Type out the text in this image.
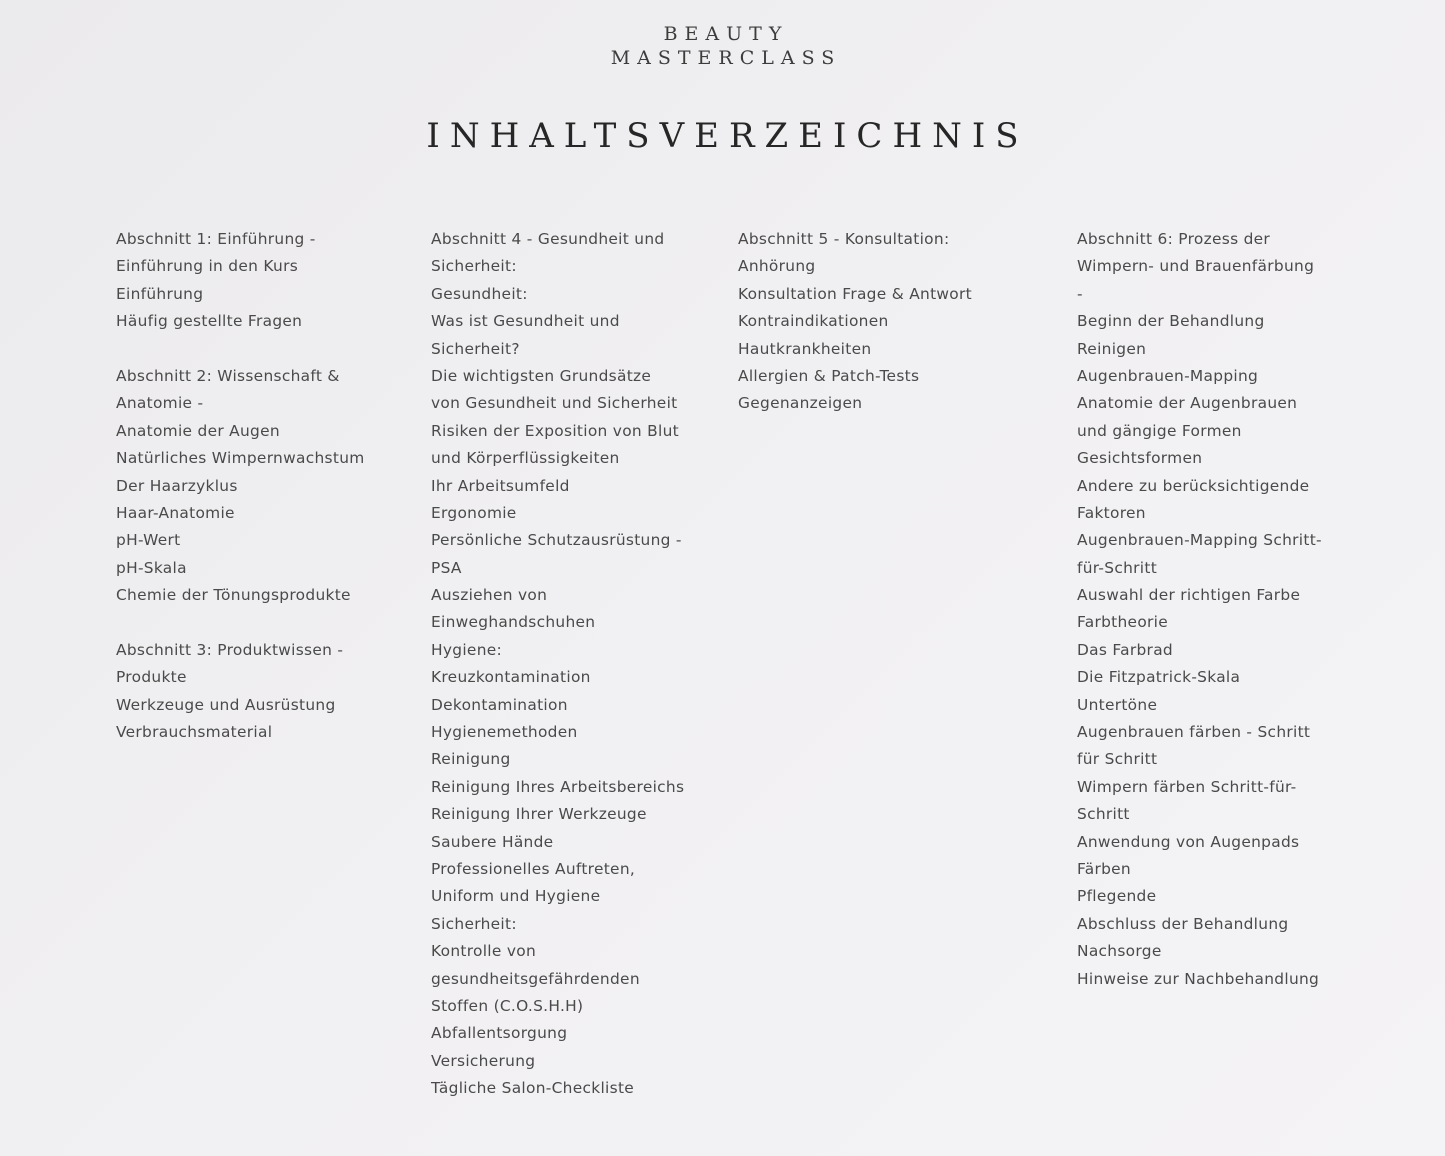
BEAUTY
MASTERCLASS
INHALTSVERZEICHNIS
Abschnitt 1: Einführung -
Einführung in den Kurs
Einführung
Häufig gestellte Fragen
Abschnitt 2: Wissenschaft &
Anatomie -
Anatomie der Augen
Natürliches Wimpernwachstum
Der Haarzyklus
Haar-Anatomie
pH-Wert
pH-Skala
Chemie der Tönungsprodukte
Abschnitt 3: Produktwissen -
Produkte
Werkzeuge und Ausrüstung
Verbrauchsmaterial
Abschnitt 4 - Gesundheit und
Sicherheit:
Gesundheit:
Was ist Gesundheit und
Sicherheit?
Die wichtigsten Grundsätze
von Gesundheit und Sicherheit
Risiken der Exposition von Blut
und Körperflüssigkeiten
Ihr Arbeitsumfeld
Ergonomie
Persönliche Schutzausrüstung -
PSA
Ausziehen von
Einweghandschuhen
Hygiene:
Kreuzkontamination
Dekontamination
Hygienemethoden
Reinigung
Reinigung Ihres Arbeitsbereichs
Reinigung Ihrer Werkzeuge
Saubere Hände
Professionelles Auftreten,
Uniform und Hygiene
Sicherheit:
Kontrolle von
gesundheitsgefährdenden
Stoffen (C.O.S.H.H)
Abfallentsorgung
Versicherung
Tägliche Salon-Checkliste
Abschnitt 5 - Konsultation:
Anhörung
Konsultation Frage & Antwort
Kontraindikationen
Hautkrankheiten
Allergien & Patch-Tests
Gegenanzeigen
Abschnitt 6: Prozess der
Wimpern- und Brauenfärbung
-
Beginn der Behandlung
Reinigen
Augenbrauen-Mapping
Anatomie der Augenbrauen
und gängige Formen
Gesichtsformen
Andere zu berücksichtigende
Faktoren
Augenbrauen-Mapping Schritt-
für-Schritt
Auswahl der richtigen Farbe
Farbtheorie
Das Farbrad
Die Fitzpatrick-Skala
Untertöne
Augenbrauen färben - Schritt
für Schritt
Wimpern färben Schritt-für-
Schritt
Anwendung von Augenpads
Färben
Pflegende
Abschluss der Behandlung
Nachsorge
Hinweise zur Nachbehandlung
